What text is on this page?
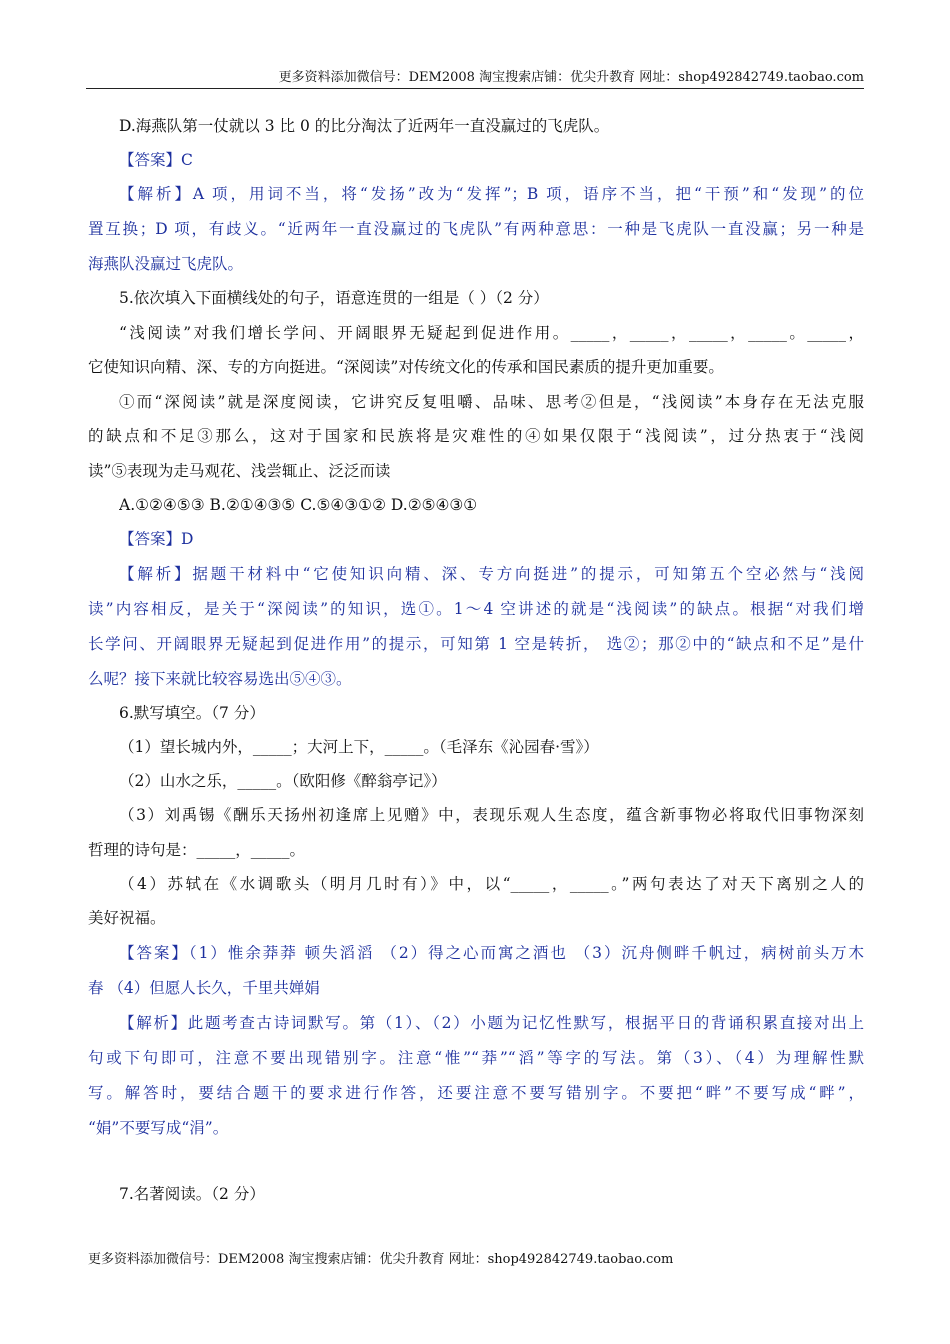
更多资料添加微信号：DEM2008 淘宝搜索店铺：优尖升教育 网址：shop492842749.taobao.com
D.海燕队第一仗就以 3 比 0 的比分淘汰了近两年一直没赢过的飞虎队。
【答案】C
【解析】A 项，用词不当，将“发扬”改为“发挥”；B 项，语序不当，把“干预”和“发现”的位
置互换；D 项，有歧义。“近两年一直没赢过的飞虎队”有两种意思：一种是飞虎队一直没赢；另一种是
海燕队没赢过飞虎队。
5.依次填入下面横线处的句子，语意连贯的一组是（ ）（2 分）
“浅阅读”对我们增长学问、开阔眼界无疑起到促进作用。_____，_____，_____，_____。_____，
它使知识向精、深、专的方向挺进。“深阅读”对传统文化的传承和国民素质的提升更加重要。
①而“深阅读”就是深度阅读，它讲究反复咀嚼、品味、思考②但是，“浅阅读”本身存在无法克服
的缺点和不足③那么，这对于国家和民族将是灾难性的④如果仅限于“浅阅读”，过分热衷于“浅阅
读”⑤表现为走马观花、浅尝辄止、泛泛而读
A.①②④⑤③ B.②①④③⑤ C.⑤④③①② D.②⑤④③①
【答案】D
【解析】据题干材料中“它使知识向精、深、专方向挺进”的提示，可知第五个空必然与“浅阅
读”内容相反，是关于“深阅读”的知识，选①。1～4 空讲述的就是“浅阅读”的缺点。根据“对我们增
长学问、开阔眼界无疑起到促进作用”的提示，可知第 1 空是转折， 选②；那②中的“缺点和不足”是什
么呢？接下来就比较容易选出⑤④③。
6.默写填空。（7 分）
（1）望长城内外，_____；大河上下，_____。（毛泽东《沁园春·雪》）
（2）山水之乐，_____。（欧阳修《醉翁亭记》）
（3）刘禹锡《酬乐天扬州初逢席上见赠》中，表现乐观人生态度，蕴含新事物必将取代旧事物深刻
哲理的诗句是：_____，_____。
（4）苏轼在《水调歌头（明月几时有）》中，以“_____，_____。”两句表达了对天下离别之人的
美好祝福。
【答案】（1）惟余莽莽 顿失滔滔 （2）得之心而寓之酒也 （3）沉舟侧畔千帆过，病树前头万木
春 （4）但愿人长久，千里共婵娟
【解析】此题考查古诗词默写。第（1）、（2）小题为记忆性默写，根据平日的背诵积累直接对出上
句或下句即可，注意不要出现错别字。注意“惟”“莽”“滔”等字的写法。第（3）、（4）为理解性默
写。解答时，要结合题干的要求进行作答，还要注意不要写错别字。不要把“畔”不要写成“畔”，
“娟”不要写成“涓”。
7.名著阅读。（2 分）
更多资料添加微信号：DEM2008 淘宝搜索店铺：优尖升教育 网址：shop492842749.taobao.com
